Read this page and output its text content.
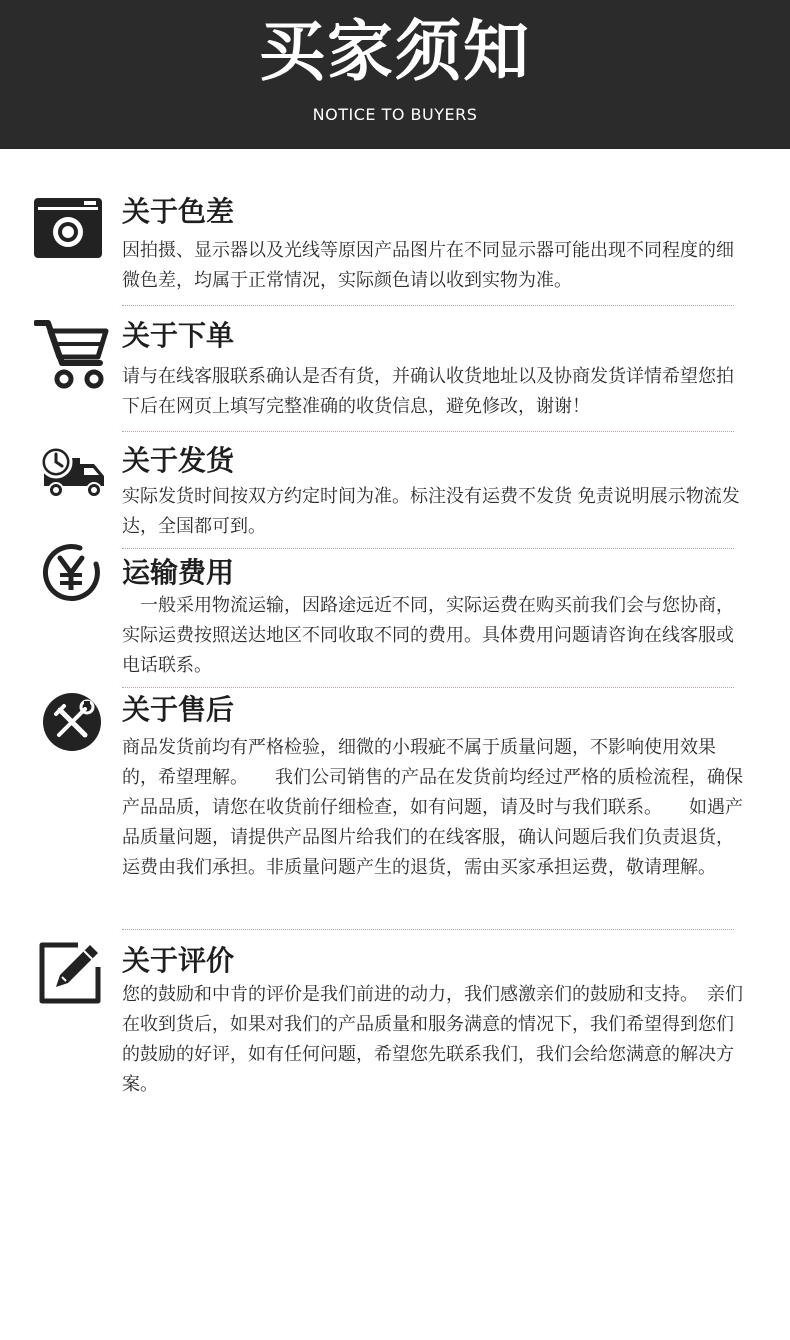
买家须知
NOTICE TO BUYERS
关于色差
因拍摄、显示器以及光线等原因产品图片在不同显示器可能出现不同程度的细微色差，均属于正常情况，实际颜色请以收到实物为准。
关于下单
请与在线客服联系确认是否有货，并确认收货地址以及协商发货详情希望您拍下后在网页上填写完整准确的收货信息，避免修改，谢谢！
关于发货
实际发货时间按双方约定时间为准。标注没有运费不发货 免责说明展示物流发达，全国都可到。
运输费用
　一般采用物流运输，因路途远近不同，实际运费在购买前我们会与您协商，实际运费按照送达地区不同收取不同的费用。具体费用问题请咨询在线客服或电话联系。
关于售后
商品发货前均有严格检验，细微的小瑕疵不属于质量问题，不影响使用效果的，希望理解。　　我们公司销售的产品在发货前均经过严格的质检流程，确保产品品质，请您在收货前仔细检查，如有问题，请及时与我们联系。　　如遇产品质量问题，请提供产品图片给我们的在线客服，确认问题后我们负责退货，运费由我们承担。非质量问题产生的退货，需由买家承担运费，敬请理解。
关于评价
您的鼓励和中肯的评价是我们前进的动力，我们感激亲们的鼓励和支持。　亲们在收到货后，如果对我们的产品质量和服务满意的情况下，我们希望得到您们的鼓励的好评，如有任何问题，希望您先联系我们，我们会给您满意的解决方案。
